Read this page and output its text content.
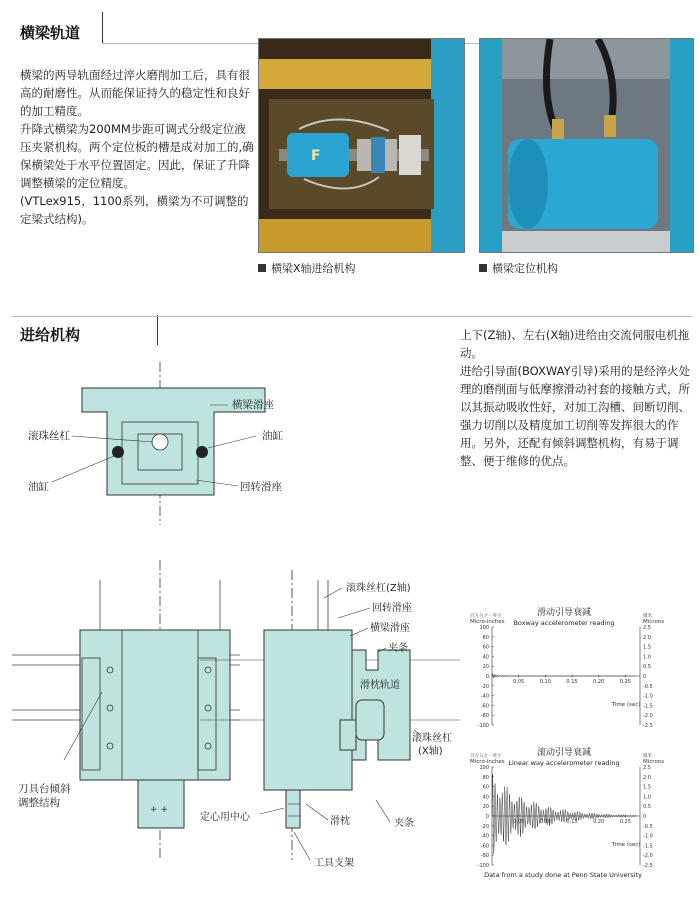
横梁轨道

横梁的两导轨面经过淬火磨削加工后，具有很高的耐磨性。从而能保证持久的稳定性和良好的加工精度。

升降式横梁为200MM步距可调式分级定位液压夹紧机构。两个定位板的槽是成对加工的,确保横梁处于水平位置固定。因此，保证了升降调整横梁的定位精度。

(VTLex915，1100系列，横梁为不可调整的定梁式结构)。

F
横梁X轴进给机构	横梁定位机构
进给机构	上下(Z轴)、左右(X轴)进给由交流伺服电机拖动。

进给引导面(BOXWAY引导)采用的是经淬火处理的磨削面与低摩擦滑动衬套的接触方式，所以其振动吸收性好，对加工沟槽、间断切削、强力切削以及精度加工切削等发挥很大的作用。另外，还配有倾斜调整机构，有易于调整、便于维修的优点。

横梁滑座
滚珠丝杠	油缸
油缸	回转滑座
+ +
刀具台倾斜
调整结构
滚珠丝杠(Z轴)
回转滑座
横梁滑座
夹条
滑枕轨道
滚珠丝杠
(X轴)
滑枕	夹条
工具支架
定心用中心
百万分之一英寸
Micro-inches
微米
Microns
滑动引导衰减
Boxway accelerometer reading
100
80
60
40
20
0
-20
-40
-60
-80
-100
2.5
2.0
1.5
1.0
0.5
0
-0.5
-1.0
-1.5
-2.0
-2.5
0.05	0.10	0.15	0.20	0.25
Time (sec)
百万分之一英寸
Micro-inches
微米
Microns
滚动引导衰减
Linear way accelerometer reading
100
80
60
40
20
0
-20
-40
-60
-80
-100
2.5
2.0
1.5
1.0
0.5
0
-0.5
-1.0
-1.5
-2.0
-2.5
0.05	0.10	0.15	0.20	0.25
Time (sec)
Data from a study done at Penn State University
